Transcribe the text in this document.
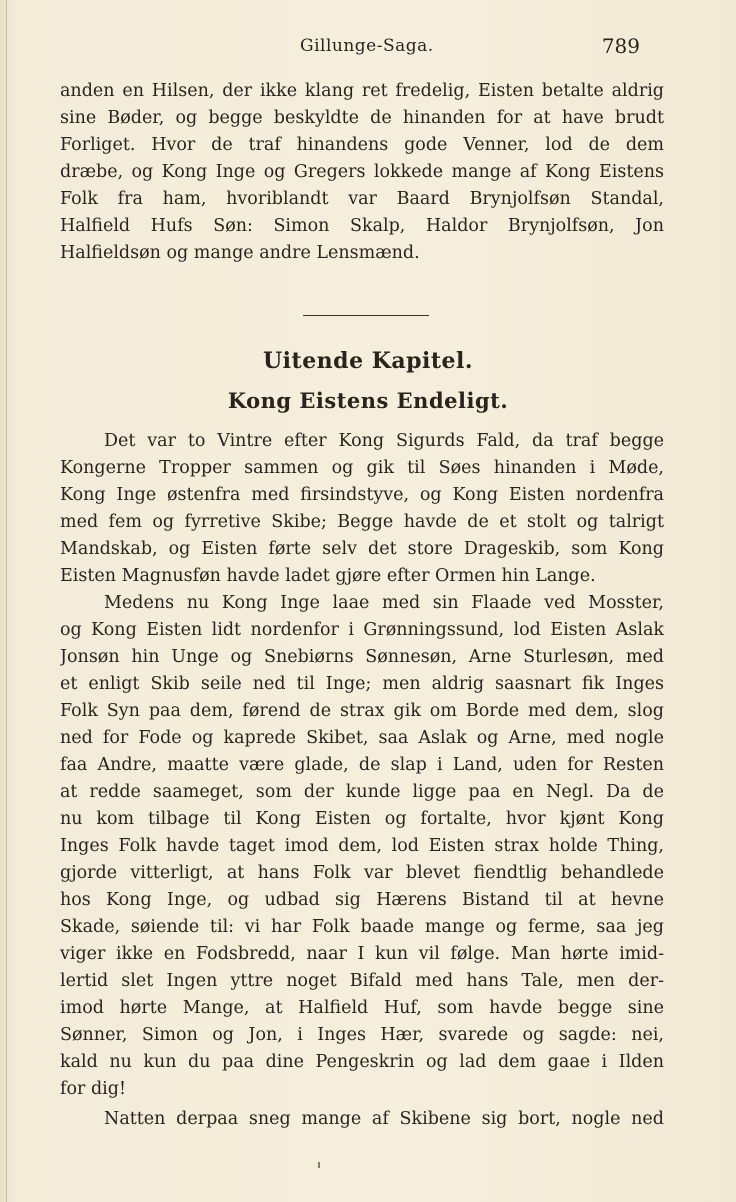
Gillunge-Saga.	789
anden en Hilsen, der ikke klang ret fredelig, Eisten betalte aldrig
sine Bøder, og begge beskyldte de hinanden for at have brudt
Forliget. Hvor de traf hinandens gode Venner, lod de dem
dræbe, og Kong Inge og Gregers lokkede mange af Kong Eistens
Folk fra ham, hvoriblandt var Baard Brynjolfsøn Standal,
Halfield Hufs Søn: Simon Skalp, Haldor Brynjolfsøn, Jon
Halfieldsøn og mange andre Lensmænd.
Uitende Kapitel.
Kong Eistens Endeligt.
Det var to Vintre efter Kong Sigurds Fald, da traf begge
Kongerne Tropper sammen og gik til Søes hinanden i Møde,
Kong Inge østenfra med firsindstyve, og Kong Eisten nordenfra
med fem og fyrretive Skibe; Begge havde de et stolt og talrigt
Mandskab, og Eisten førte selv det store Drageskib, som Kong
Eisten Magnusføn havde ladet gjøre efter Ormen hin Lange.
Medens nu Kong Inge laae med sin Flaade ved Mosster,
og Kong Eisten lidt nordenfor i Grønningssund, lod Eisten Aslak
Jonsøn hin Unge og Snebiørns Sønnesøn, Arne Sturlesøn, med
et enligt Skib seile ned til Inge; men aldrig saasnart fik Inges
Folk Syn paa dem, førend de strax gik om Borde med dem, slog
ned for Fode og kaprede Skibet, saa Aslak og Arne, med nogle
faa Andre, maatte være glade, de slap i Land, uden for Resten
at redde saameget, som der kunde ligge paa en Negl. Da de
nu kom tilbage til Kong Eisten og fortalte, hvor kjønt Kong
Inges Folk havde taget imod dem, lod Eisten strax holde Thing,
gjorde vitterligt, at hans Folk var blevet fiendtlig behandlede
hos Kong Inge, og udbad sig Hærens Bistand til at hevne
Skade, søiende til: vi har Folk baade mange og ferme, saa jeg
viger ikke en Fodsbredd, naar I kun vil følge. Man hørte imid-
lertid slet Ingen yttre noget Bifald med hans Tale, men der-
imod hørte Mange, at Halfield Huf, som havde begge sine
Sønner, Simon og Jon, i Inges Hær, svarede og sagde: nei,
kald nu kun du paa dine Pengeskrin og lad dem gaae i Ilden
for dig!
Natten derpaa sneg mange af Skibene sig bort, nogle ned
